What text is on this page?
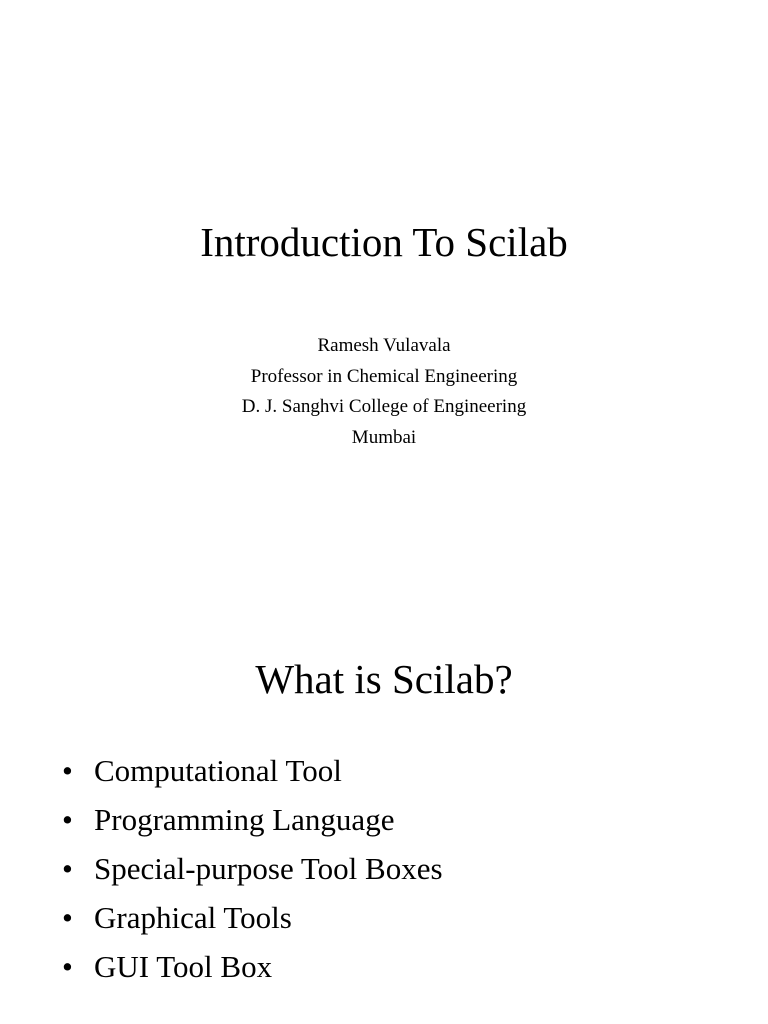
Introduction To Scilab
Ramesh Vulavala
Professor in Chemical Engineering
D. J. Sanghvi College of Engineering
Mumbai
What is Scilab?
• Computational Tool
• Programming Language
• Special-purpose Tool Boxes
• Graphical Tools
• GUI Tool Box
